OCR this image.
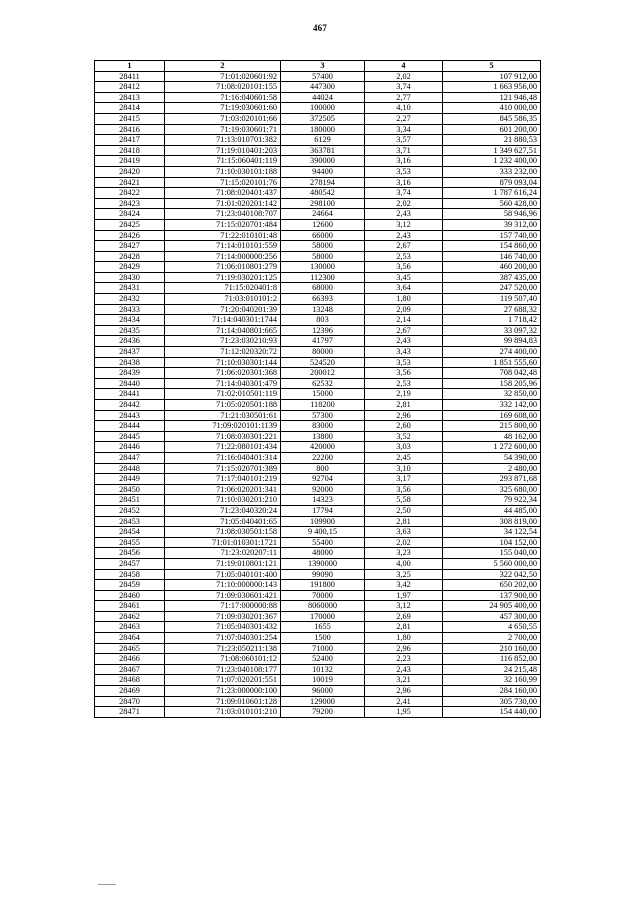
467
1	2	3	4	5
28411	71:01:020601:92	57400	2,02	107 912,00
28412	71:08:020101:155	447300	3,74	1 663 956,00
28413	71:16:040601:58	44024	2,77	121 946,48
28414	71:19:030601:60	100000	4,10	410 000,00
28415	71:03:020101:66	372505	2,27	845 586,35
28416	71:19:030601:71	180000	3,34	601 200,00
28417	71:13:010701:382	6129	3,57	21 880,53
28418	71:19:010401:203	363781	3,71	1 349 627,51
28419	71:15:060401:119	390000	3,16	1 232 400,00
28420	71:10:030101:188	94400	3,53	333 232,00
28421	71:15:020101:76	278194	3,16	879 093,04
28422	71:08:020401:437	480542	3,74	1 787 616,24
28423	71:01:020201:142	298100	2,02	560 428,00
28424	71:23:040108:707	24664	2,43	58 946,96
28425	71:15:020701:484	12600	3,12	39 312,00
28426	71:22:010101:48	66000	2,43	157 740,00
28427	71:14:010101:559	58000	2,67	154 860,00
28428	71:14:000000:256	58000	2,53	146 740,00
28429	71:06:010801:279	130000	3,56	460 200,00
28430	71:19:030201:125	112300	3,45	387 435,00
28431	71:15:020401:8	68000	3,64	247 520,00
28432	71:03:010101:2	66393	1,80	119 507,40
28433	71:20:040201:39	13248	2,09	27 688,32
28434	71:14:040301:1744	803	2,14	1 718,42
28435	71:14:040801:665	12396	2,67	33 097,32
28436	71:23:030210:93	41797	2,43	99 894,83
28437	71:12:020320:72	80000	3,43	274 400,00
28438	71:10:030301:144	524520	3,53	1 851 555,60
28439	71:06:020301:368	200012	3,56	708 042,48
28440	71:14:040301:479	62532	2,53	158 205,96
28441	71:02:010501:119	15000	2,19	32 850,00
28442	71:05:020501:188	118200	2,81	332 142,00
28443	71:21:030501:61	57300	2,96	169 608,00
28444	71:09:020101:1139	83000	2,60	215 800,00
28445	71:08:030301:221	13800	3,52	48 162,00
28446	71:22:080101:434	420000	3,03	1 272 600,00
28447	71:16:040401:314	22200	2,45	54 390,00
28448	71:15:020701:389	800	3,10	2 480,00
28449	71:17:040101:219	92704	3,17	293 871,68
28450	71:06:020201:341	92000	3,56	325 680,00
28451	71:10:030201:210	14323	5,58	79 922,34
28452	71:23:040320:24	17794	2,50	44 485,00
28453	71:05:040401:65	109900	2,81	308 819,00
28454	71:08:030501:158	9 400,15	3,63	34 122,54
28455	71:01:010301:1721	55400	2,02	104 152,00
28456	71:23:020207:11	48000	3,23	155 040,00
28457	71:19:010801:121	1390000	4,00	5 560 000,00
28458	71:05:040101:400	99090	3,25	322 042,50
28459	71:10:000000:143	191800	3,42	650 202,00
28460	71:09:030601:421	70000	1,97	137 900,00
28461	71:17:000000:88	8060000	3,12	24 905 400,00
28462	71:09:030201:367	170000	2,69	457 300,00
28463	71:05:040301:432	1655	2,81	4 650,55
28464	71:07:040301:254	1500	1,80	2 700,00
28465	71:23:050211:138	71000	2,96	210 160,00
28466	71:08:060101:12	52400	2,23	116 852,00
28467	71:23:040108:177	10132	2,43	24 215,48
28468	71:07:020201:551	10019	3,21	32 160,99
28469	71:23:000000:100	96000	2,96	284 160,00
28470	71:09:010601:128	129000	2,41	305 730,00
28471	71:03:010101:210	79200	1,95	154 440,00
